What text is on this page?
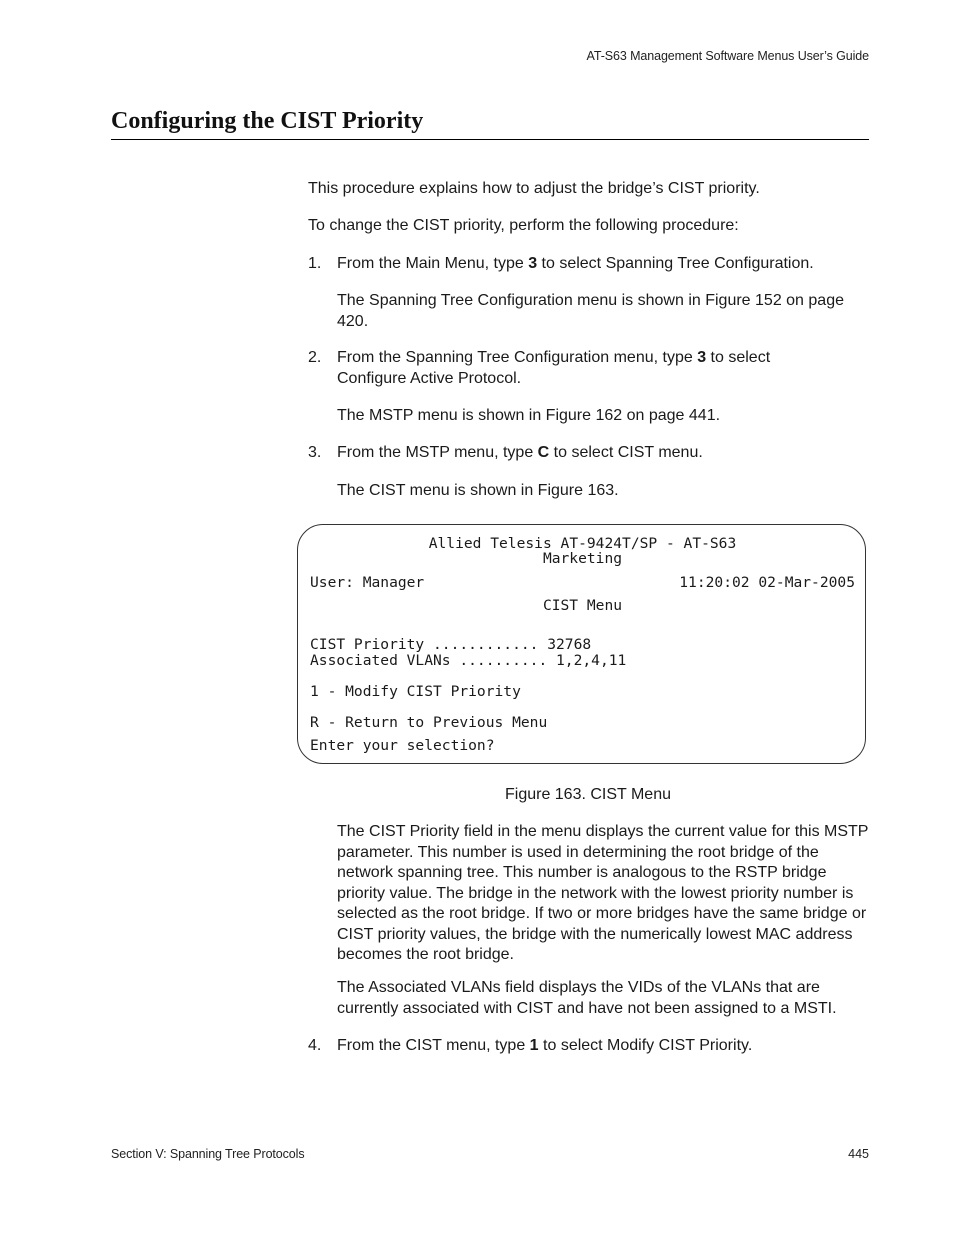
AT-S63 Management Software Menus User’s Guide
Configuring the CIST Priority

This procedure explains how to adjust the bridge’s CIST priority.

To change the CIST priority, perform the following procedure:

1. From the Main Menu, type 3 to select Spanning Tree Configuration.

The Spanning Tree Configuration menu is shown in Figure 152 on page 420.

2. From the Spanning Tree Configuration menu, type 3 to select Configure Active Protocol.

The MSTP menu is shown in Figure 162 on page 441.

3. From the MSTP menu, type C to select CIST menu.

The CIST menu is shown in Figure 163.

Allied Telesis AT-9424T/SP - AT-S63
Marketing
User: Manager	11:20:02 02-Mar-2005
CIST Menu
CIST Priority ............ 32768
Associated VLANs .......... 1,2,4,11
1 - Modify CIST Priority
R - Return to Previous Menu
Enter your selection?
Figure 163. CIST Menu

The CIST Priority field in the menu displays the current value for this MSTP parameter. This number is used in determining the root bridge of the network spanning tree. This number is analogous to the RSTP bridge priority value. The bridge in the network with the lowest priority number is selected as the root bridge. If two or more bridges have the same bridge or CIST priority values, the bridge with the numerically lowest MAC address becomes the root bridge.

The Associated VLANs field displays the VIDs of the VLANs that are currently associated with CIST and have not been assigned to a MSTI.

4. From the CIST menu, type 1 to select Modify CIST Priority.

Section V: Spanning Tree Protocols	445
